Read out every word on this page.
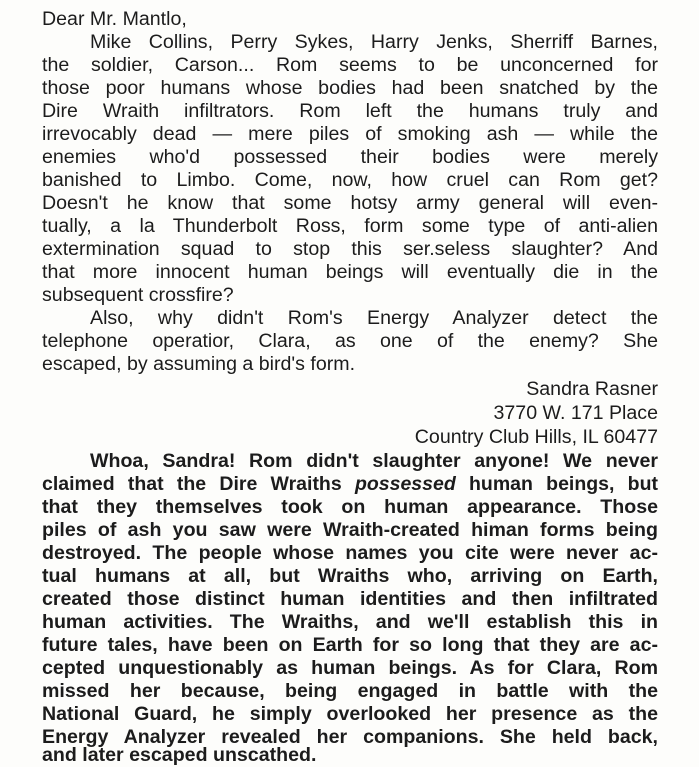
Dear Mr. Mantlo,
Mike Collins, Perry Sykes, Harry Jenks, Sherriff Barnes,
the soldier, Carson... Rom seems to be unconcerned for
those poor humans whose bodies had been snatched by the
Dire Wraith infiltrators. Rom left the humans truly and
irrevocably dead — mere piles of smoking ash — while the
enemies who'd possessed their bodies were merely
banished to Limbo. Come, now, how cruel can Rom get?
Doesn't he know that some hotsy army general will even-
tually, a la Thunderbolt Ross, form some type of anti-alien
extermination squad to stop this ser.seless slaughter? And
that more innocent human beings will eventually die in the
subsequent crossfire?
Also, why didn't Rom's Energy Analyzer detect the
telephone operatior, Clara, as one of the enemy? She
escaped, by assuming a bird's form.
Sandra Rasner
3770 W. 171 Place
Country Club Hills, IL 60477
Whoa, Sandra! Rom didn't slaughter anyone! We never
claimed that the Dire Wraiths possessed human beings, but
that they themselves took on human appearance. Those
piles of ash you saw were Wraith-created himan forms being
destroyed. The people whose names you cite were never ac-
tual humans at all, but Wraiths who, arriving on Earth,
created those distinct human identities and then infiltrated
human activities. The Wraiths, and we'll establish this in
future tales, have been on Earth for so long that they are ac-
cepted unquestionably as human beings. As for Clara, Rom
missed her because, being engaged in battle with the
National Guard, he simply overlooked her presence as the
Energy Analyzer revealed her companions. She held back,
and later escaped unscathed.
